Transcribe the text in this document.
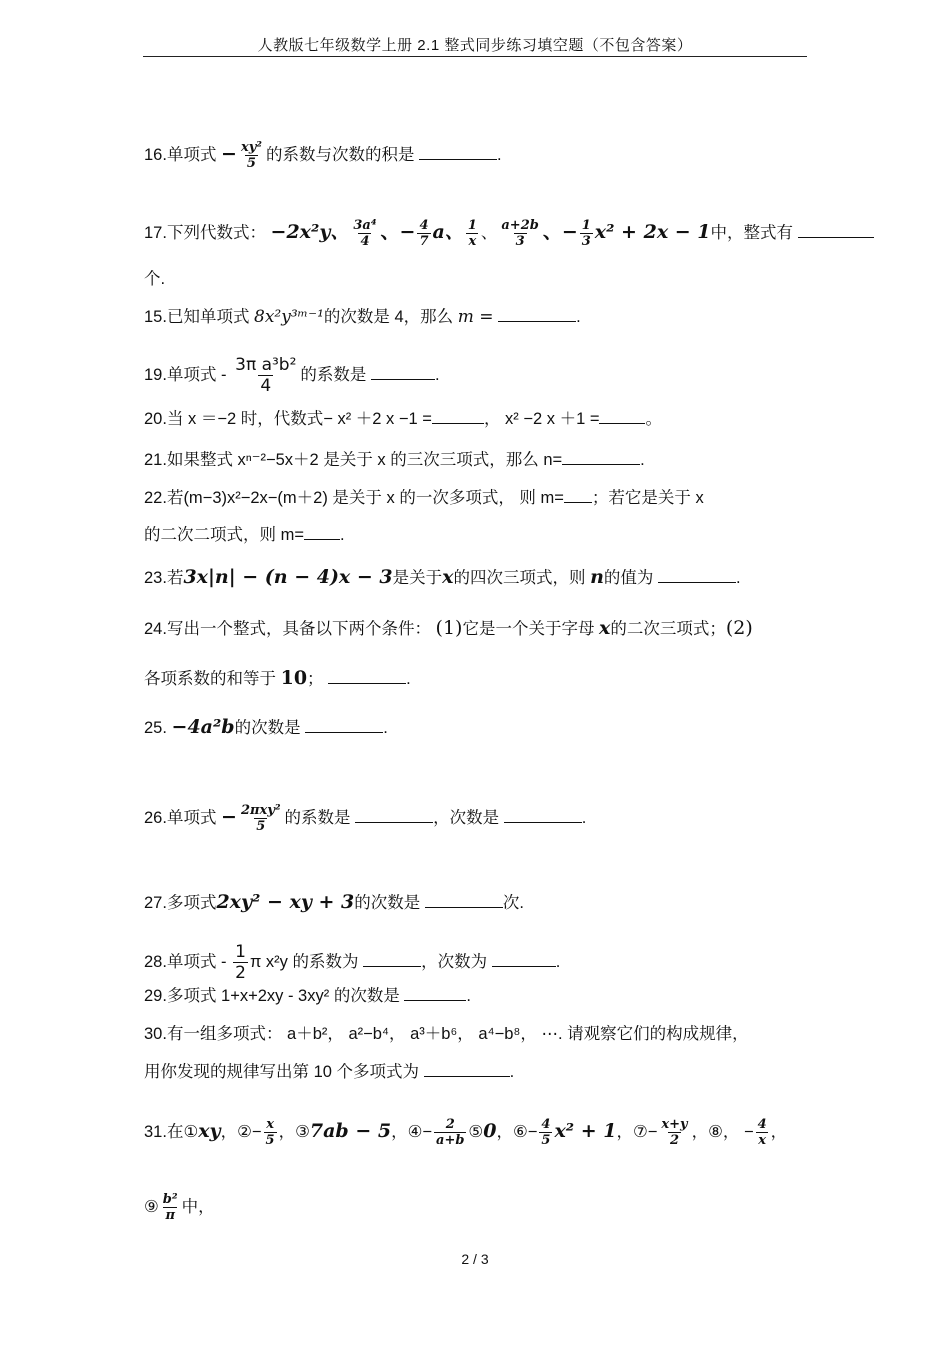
人教版七年级数学上册 2.1 整式同步练习填空题（不包含答案）
16.单项式 − $\frac{\text{xy²}}{5}$ 的系数与次数的积是	.
17.下列代数式： −2x²y、 $\frac{\text{3a⁴}}{4}$ 、− $\frac{4}{7}$ a、 $\frac{1}{x}$ 、 $\frac{a+2b}{3}$ 、− $\frac{1}{3} x^2 + 2x - 1$中，整式有
个.
15.已知单项式 8x²y³ᵐ⁻¹的次数是 4，那么 m =	.
19.单项式 - $\frac{\text{3π a³b²}}{4}$ 的系数是	.
20.当 x ＝−2 时，代数式− x² ＋2 x −1 =	， x² −2 x ＋1 =	。
21.如果整式 xⁿ⁻²−5x＋2 是关于 x 的三次三项式，那么 n=	.
22.若(m−3)x²−2x−(m＋2) 是关于 x 的一次多项式， 则 m= ；若它是关于 x
的二次二项式，则 m= .
23.若3x|n| − (n − 4)x − 3是关于x的四次三项式，则 n的值为	.
24.写出一个整式，具备以下两个条件： (1)它是一个关于字母 x的二次三项式；(2)
各项系数的和等于 10；	.
25. −4a²b的次数是	.
26.单项式 − $\frac{\text{2πxy²}}{5}$ 的系数是	，次数是	.
27.多项式2xy² − xy + 3的次数是	次.
28.单项式 - $\frac{1}{2}$ π x²y 的系数为	，次数为	.
29.多项式 1+x+2xy - 3xy² 的次数是	.
30.有一组多项式： a＋b²， a²−b⁴， a³＋b⁶， a⁴−b⁸， ⋯. 请观察它们的构成规律，
用你发现的规律写出第 10 个多项式为	.
31.在①xy，②− $\frac{x}{5}$ ，③7ab − 5，④− $\frac{2}{a+b}$ ⑤0，⑥− $\frac{4}{5} x^2 + 1$，⑦− $\frac{x+y}{2}$ ，⑧， − $\frac{4}{x}$ ，
⑨ $\frac{\text{b²}}{\pi}$ 中，
2 / 3
